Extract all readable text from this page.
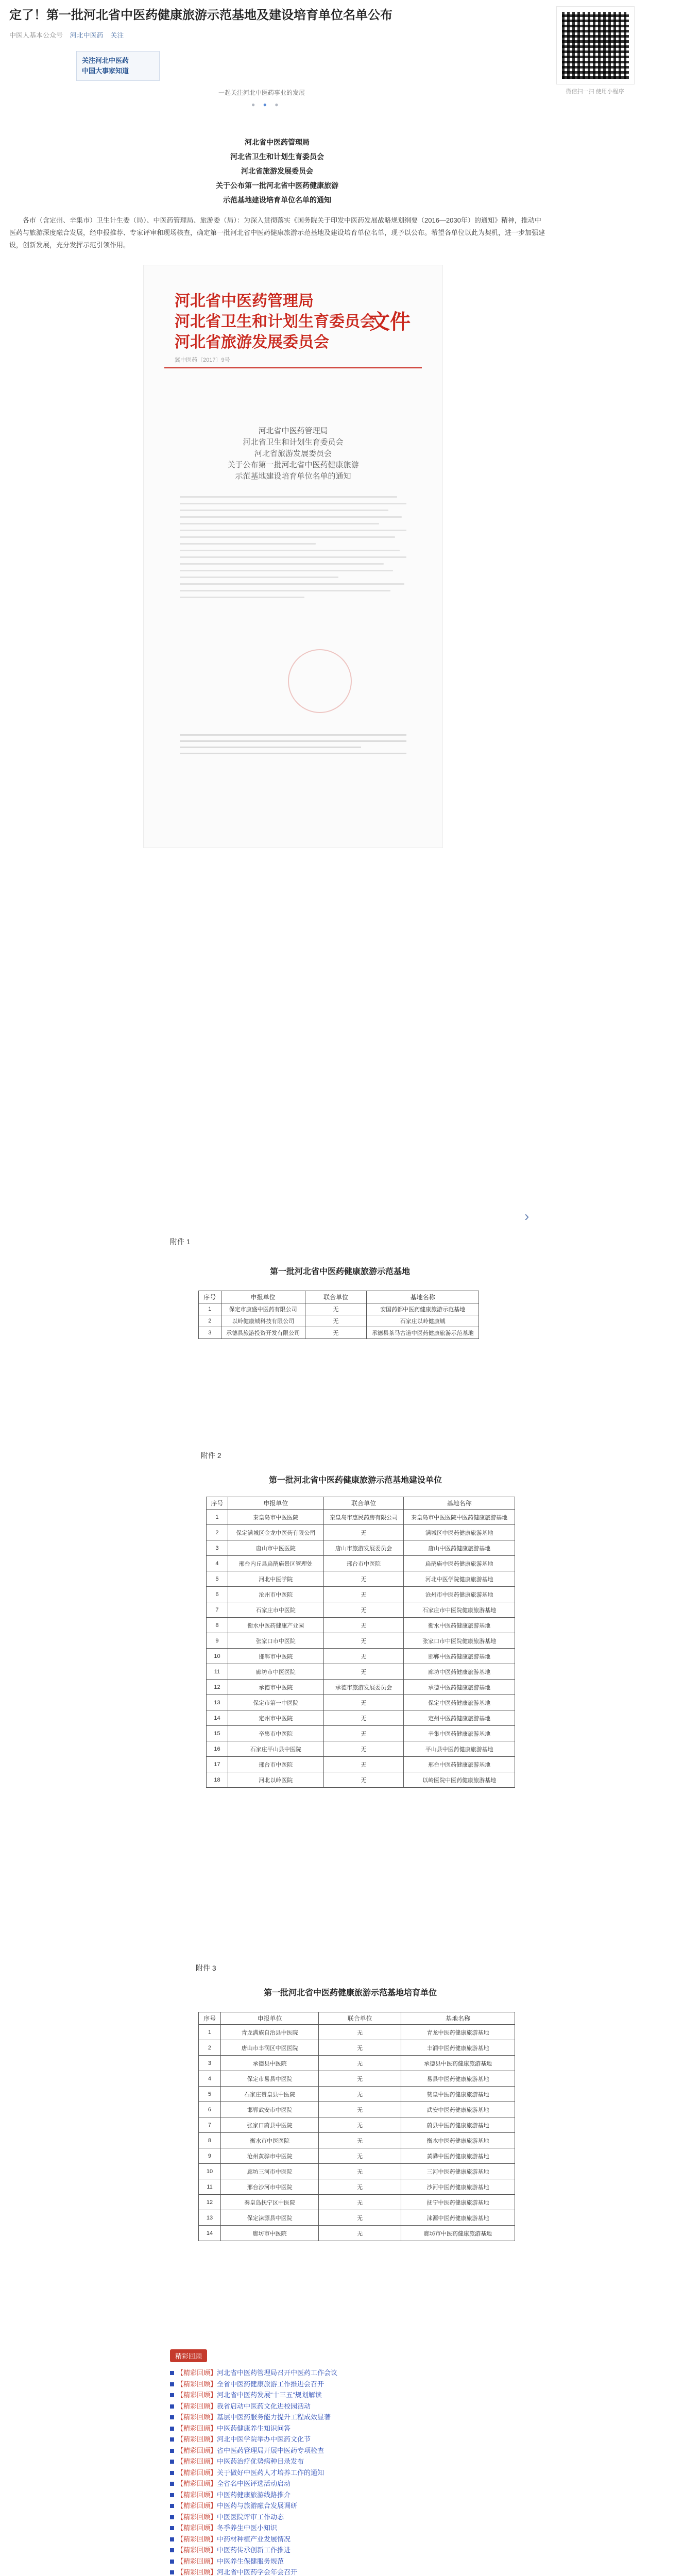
定了！第一批河北省中医药健康旅游示范基地及建设培育单位名单公布
中医人基本公众号 河北中医药 关注
关注河北中医药
中国大事家知道
一起关注河北中医药事业的发展
● ● ●
河北省中医药管理局
河北省卫生和计划生育委员会
河北省旅游发展委员会
关于公布第一批河北省中医药健康旅游
示范基地建设培育单位名单的通知

各市（含定州、辛集市）卫生计生委（局）、中医药管理局、旅游委（局）：为深入贯彻落实《国务院关于印发中医药发展战略规划纲要（2016—2030年）的通知》精神，推动中医药与旅游深度融合发展，经申报推荐、专家评审和现场核查，确定第一批河北省中医药健康旅游示范基地及建设培育单位名单，现予以公布。希望各单位以此为契机，进一步加强建设，创新发展，充分发挥示范引领作用。

河北省中医药管理局
河北省卫生和计划生育委员会
河北省旅游发展委员会
文件
冀中医药〔2017〕9号
河北省中医药管理局
河北省卫生和计划生育委员会
河北省旅游发展委员会
关于公布第一批河北省中医药健康旅游
示范基地建设培育单位名单的通知
›
附件 1
第一批河北省中医药健康旅游示范基地
序号	申报单位	联合单位	基地名称
1	保定市康盛中医药有限公司	无	安国药都中医药健康旅游示范基地
2	以岭健康城科技有限公司	无	石家庄以岭健康城
3	承德县旅游投资开发有限公司	无	承德县茶马古道中医药健康旅游示范基地
附件 2
第一批河北省中医药健康旅游示范基地建设单位
序号	申报单位	联合单位	基地名称
1	秦皇岛市中医医院	秦皇岛市惠民药房有限公司	秦皇岛市中医医院中医药健康旅游基地
2	保定满城区金龙中医药有限公司	无	满城区中医药健康旅游基地
3	唐山市中医医院	唐山市旅游发展委员会	唐山中医药健康旅游基地
4	邢台内丘县扁鹊庙景区管理处	邢台市中医院	扁鹊庙中医药健康旅游基地
5	河北中医学院	无	河北中医学院健康旅游基地
6	沧州市中医院	无	沧州市中医药健康旅游基地
7	石家庄市中医院	无	石家庄市中医院健康旅游基地
8	衡水中医药健康产业园	无	衡水中医药健康旅游基地
9	张家口市中医院	无	张家口市中医院健康旅游基地
10	邯郸市中医院	无	邯郸中医药健康旅游基地
11	廊坊市中医医院	无	廊坊中医药健康旅游基地
12	承德市中医院	承德市旅游发展委员会	承德中医药健康旅游基地
13	保定市第一中医院	无	保定中医药健康旅游基地
14	定州市中医院	无	定州中医药健康旅游基地
15	辛集市中医院	无	辛集中医药健康旅游基地
16	石家庄平山县中医院	无	平山县中医药健康旅游基地
17	邢台市中医院	无	邢台中医药健康旅游基地
18	河北以岭医院	无	以岭医院中医药健康旅游基地
附件 3
第一批河北省中医药健康旅游示范基地培育单位
序号	申报单位	联合单位	基地名称
1	青龙满族自治县中医院	无	青龙中医药健康旅游基地
2	唐山市丰润区中医医院	无	丰润中医药健康旅游基地
3	承德县中医院	无	承德县中医药健康旅游基地
4	保定市易县中医院	无	易县中医药健康旅游基地
5	石家庄赞皇县中医院	无	赞皇中医药健康旅游基地
6	邯郸武安市中医院	无	武安中医药健康旅游基地
7	张家口蔚县中医院	无	蔚县中医药健康旅游基地
8	衡水市中医医院	无	衡水中医药健康旅游基地
9	沧州黄骅市中医院	无	黄骅中医药健康旅游基地
10	廊坊三河市中医院	无	三河中医药健康旅游基地
11	邢台沙河市中医院	无	沙河中医药健康旅游基地
12	秦皇岛抚宁区中医院	无	抚宁中医药健康旅游基地
13	保定涞源县中医院	无	涞源中医药健康旅游基地
14	廊坊市中医院	无	廊坊市中医药健康旅游基地
精彩回顾
【精彩回顾】河北省中医药管理局召开中医药工作会议
【精彩回顾】全省中医药健康旅游工作推进会召开
【精彩回顾】河北省中医药发展“十三五”规划解读
【精彩回顾】我省启动中医药文化进校园活动
【精彩回顾】基层中医药服务能力提升工程成效显著
【精彩回顾】中医药健康养生知识问答
【精彩回顾】河北中医学院举办中医药文化节
【精彩回顾】省中医药管理局开展中医药专项检查
【精彩回顾】中医药治疗优势病种目录发布
【精彩回顾】关于做好中医药人才培养工作的通知
【精彩回顾】全省名中医评选活动启动
【精彩回顾】中医药健康旅游线路推介
【精彩回顾】中医药与旅游融合发展调研
【精彩回顾】中医医院评审工作动态
【精彩回顾】冬季养生中医小知识
【精彩回顾】中药材种植产业发展情况
【精彩回顾】中医药传承创新工作推进
【精彩回顾】中医养生保健服务规范
【精彩回顾】河北省中医药学会年会召开
微信扫一扫 使用小程序
